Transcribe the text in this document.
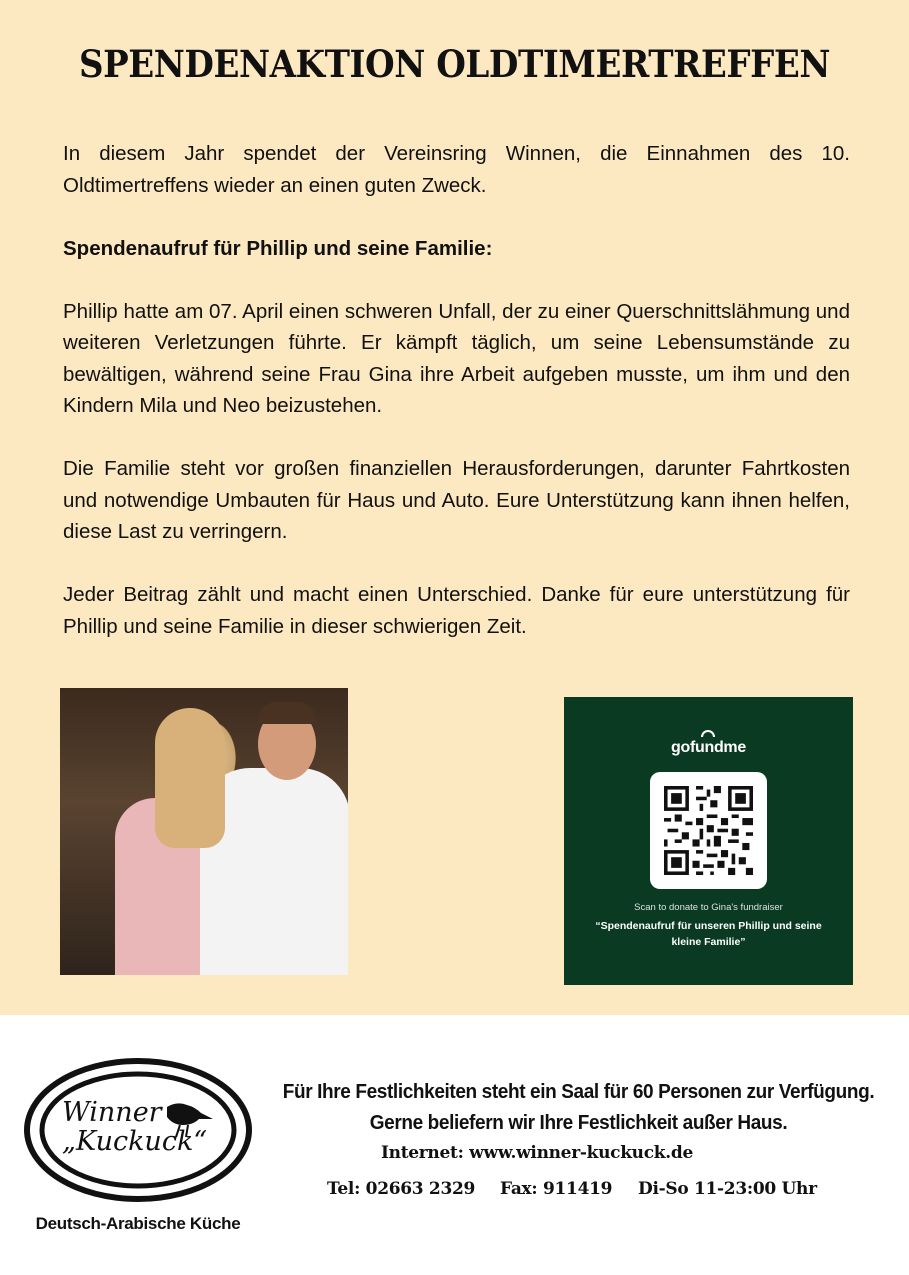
SPENDENAKTION OLDTIMERTREFFEN

In diesem Jahr spendet der Vereinsring Winnen, die Einnahmen des 10. Oldtimertreffens wieder an einen guten Zweck.

Spendenaufruf für Phillip und seine Familie:

Phillip hatte am 07. April einen schweren Unfall, der zu einer Querschnittslähmung und weiteren Verletzungen führte. Er kämpft täglich, um seine Lebensumstände zu bewältigen, während seine Frau Gina ihre Arbeit aufgeben musste, um ihm und den Kindern Mila und Neo beizustehen.

Die Familie steht vor großen finanziellen Herausforderungen, darunter Fahrtkosten und notwendige Umbauten für Haus und Auto. Eure Unterstützung kann ihnen helfen, diese Last zu verringern.

Jeder Beitrag zählt und macht einen Unterschied. Danke für eure unterstützung für Phillip und seine Familie in dieser schwierigen Zeit.

gofundme
Scan to donate to Gina's fundraiser
“Spendenaufruf für unseren Phillip und seine kleine Familie”
Winner
„Kuckuck“
Deutsch-Arabische Küche
Für Ihre Festlichkeiten steht ein Saal für 60 Personen zur Verfügung. Gerne beliefern wir Ihre Festlichkeit außer Haus.
Internet: www.winner-kuckuck.de
Tel: 02663 2329 Fax: 911419	Di-So 11-23:00 Uhr
